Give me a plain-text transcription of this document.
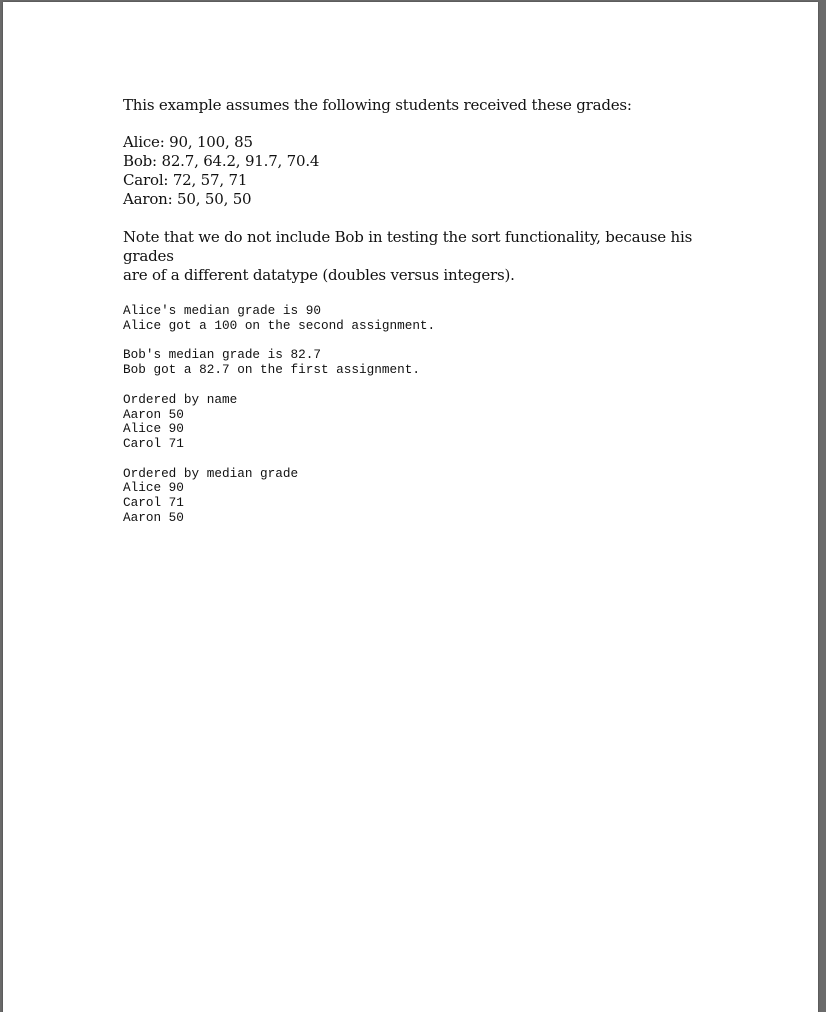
This example assumes the following students received these grades:

Alice: 90, 100, 85

Bob: 82.7, 64.2, 91.7, 70.4

Carol: 72, 57, 71

Aaron: 50, 50, 50

Note that we do not include Bob in testing the sort functionality, because his grades

are of a different datatype (doubles versus integers).

Alice's median grade is 90

Alice got a 100 on the second assignment.

Bob's median grade is 82.7

Bob got a 82.7 on the first assignment.

Ordered by name

Aaron 50

Alice 90

Carol 71

Ordered by median grade

Alice 90

Carol 71

Aaron 50
